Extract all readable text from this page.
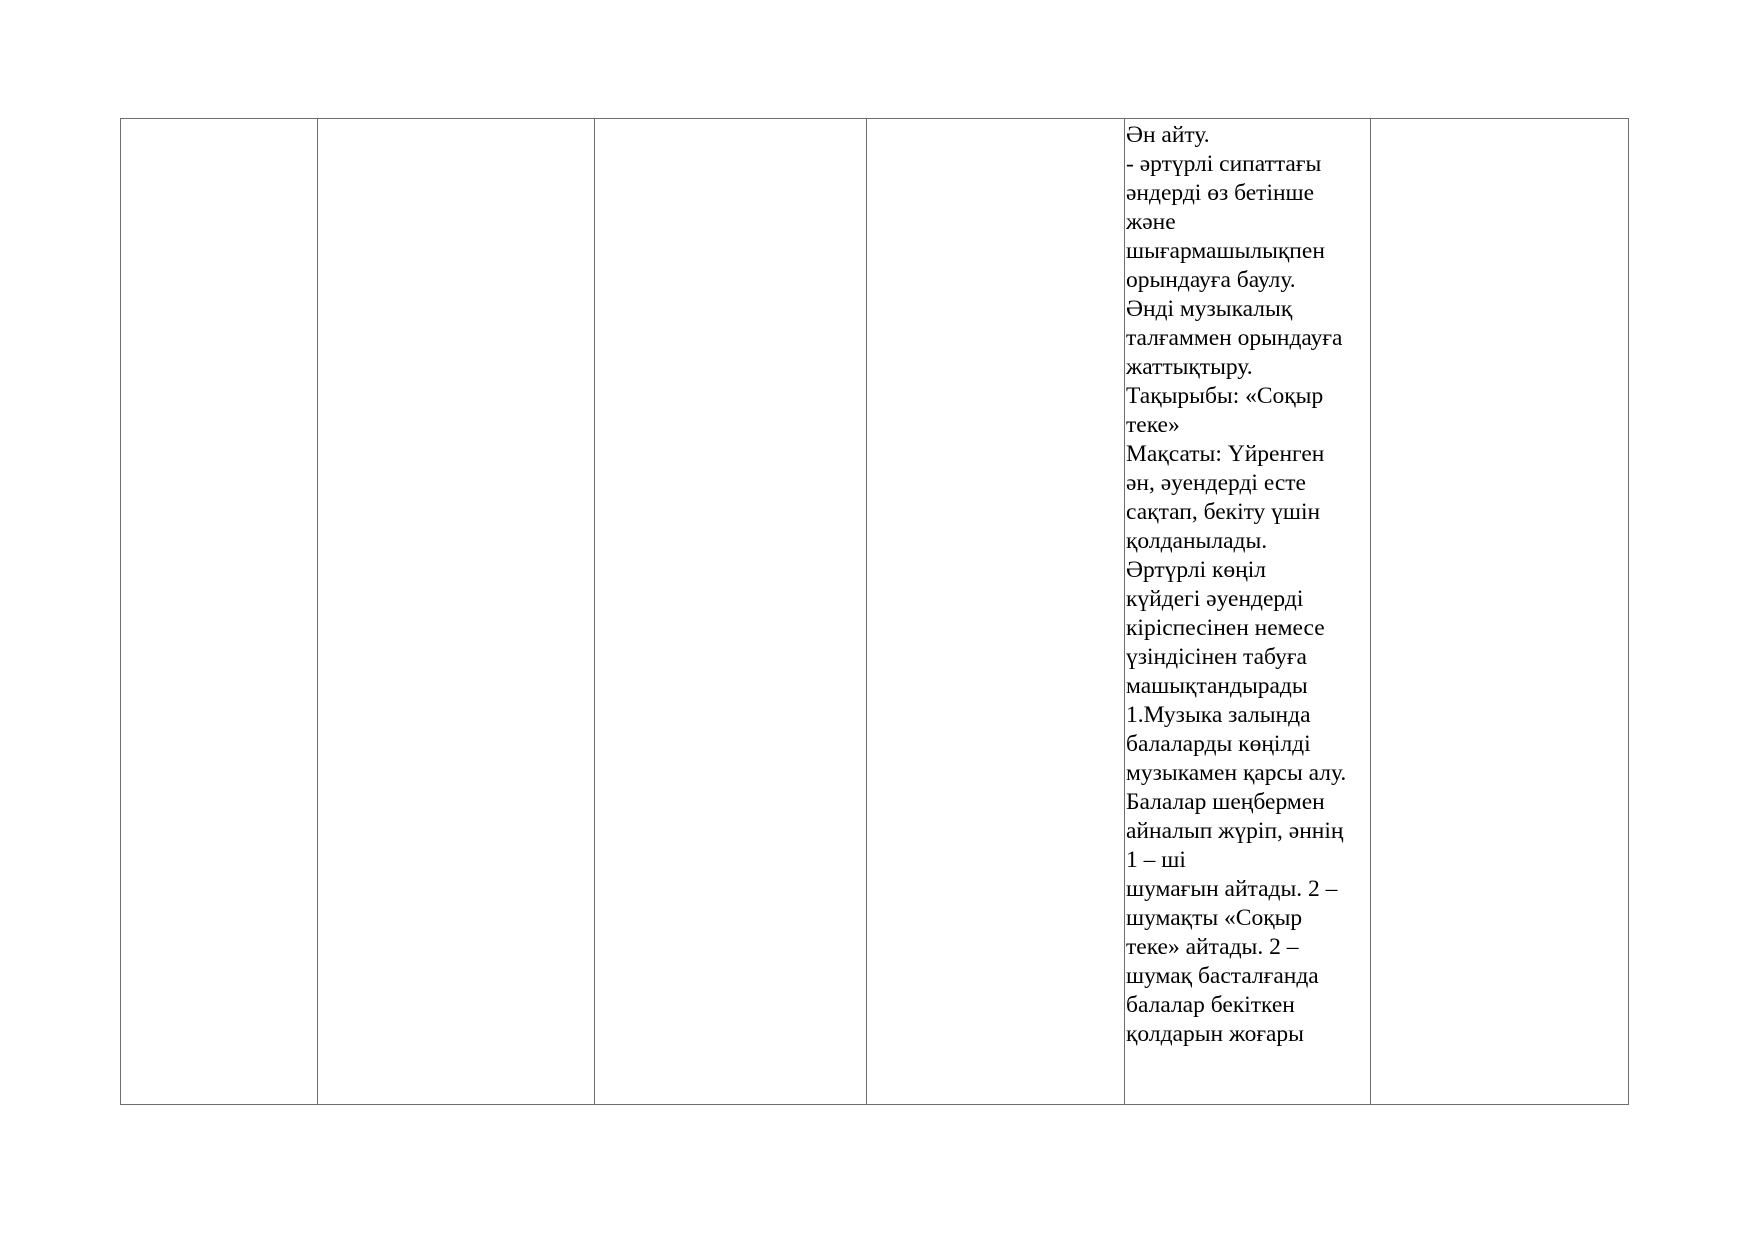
Ән айту.
- әртүрлі сипаттағы
әндерді өз бетінше
және
шығармашылықпен
орындауға баулу.
Әнді музыкалық
талғаммен орындауға
жаттықтыру.
Тақырыбы: «Соқыр
теке»
Мақсаты: Үйренген
ән, әуендерді есте
сақтап, бекіту үшін
қолданылады.
Әртүрлі көңіл
күйдегі әуендерді
кіріспесінен немесе
үзіндісінен табуға
машықтандырады
1.Музыка залында
балаларды көңілді
музыкамен қарсы алу.
Балалар шеңбермен
айналып жүріп, әннің
1 – ші
шумағын айтады. 2 –
шумақты «Соқыр
теке» айтады. 2 –
шумақ басталғанда
балалар бекіткен
қолдарын жоғары
